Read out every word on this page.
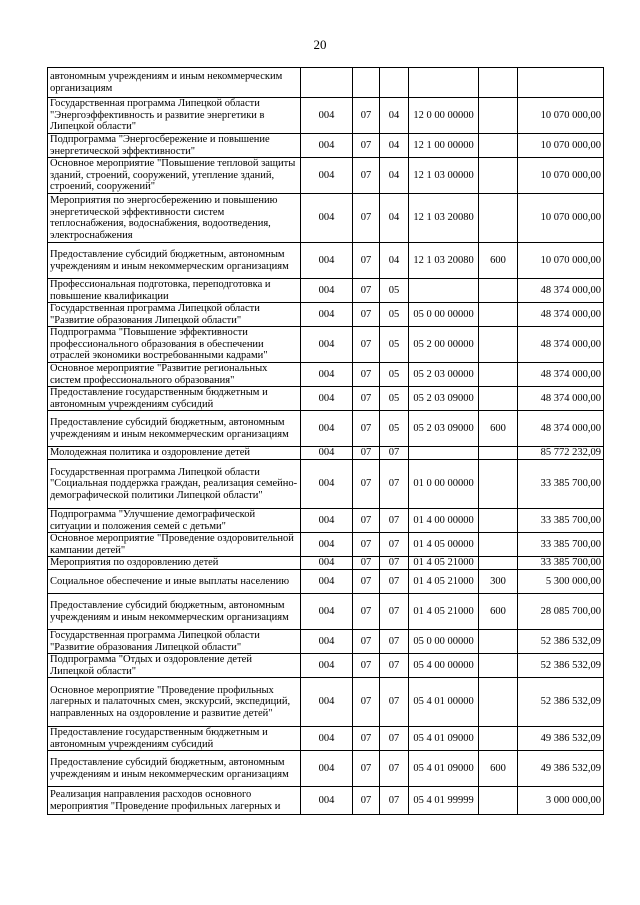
20
автономным учреждениям и иным некоммерческим организациям						
Государственная программа Липецкой области "Энергоэффективность и развитие энергетики в Липецкой области"	004	07	04	12 0 00 00000		10 070 000,00
Подпрограмма "Энергосбережение и повышение энергетической эффективности"	004	07	04	12 1 00 00000		10 070 000,00
Основное мероприятие "Повышение тепловой защиты зданий, строений, сооружений, утепление зданий, строений, сооружений"	004	07	04	12 1 03 00000		10 070 000,00
Мероприятия по энергосбережению и повышению энергетической эффективности систем теплоснабжения, водоснабжения, водоотведения, электроснабжения	004	07	04	12 1 03 20080		10 070 000,00
Предоставление субсидий бюджетным, автономным учреждениям и иным некоммерческим организациям	004	07	04	12 1 03 20080	600	10 070 000,00
Профессиональная подготовка, переподготовка и повышение квалификации	004	07	05			48 374 000,00
Государственная программа Липецкой области "Развитие образования Липецкой области"	004	07	05	05 0 00 00000		48 374 000,00
Подпрограмма "Повышение эффективности профессионального образования в обеспечении отраслей экономики востребованными кадрами"	004	07	05	05 2 00 00000		48 374 000,00
Основное мероприятие "Развитие региональных систем профессионального образования"	004	07	05	05 2 03 00000		48 374 000,00
Предоставление государственным бюджетным и автономным учреждениям субсидий	004	07	05	05 2 03 09000		48 374 000,00
Предоставление субсидий бюджетным, автономным учреждениям и иным некоммерческим организациям	004	07	05	05 2 03 09000	600	48 374 000,00
Молодежная политика и оздоровление детей	004	07	07			85 772 232,09
Государственная программа Липецкой области "Социальная поддержка граждан, реализация семейно-демографической политики Липецкой области"	004	07	07	01 0 00 00000		33 385 700,00
Подпрограмма "Улучшение демографической ситуации и положения семей с детьми"	004	07	07	01 4 00 00000		33 385 700,00
Основное мероприятие "Проведение оздоровительной кампании детей"	004	07	07	01 4 05 00000		33 385 700,00
Мероприятия по оздоровлению детей	004	07	07	01 4 05 21000		33 385 700,00
Социальное обеспечение и иные выплаты населению	004	07	07	01 4 05 21000	300	5 300 000,00
Предоставление субсидий бюджетным, автономным учреждениям и иным некоммерческим организациям	004	07	07	01 4 05 21000	600	28 085 700,00
Государственная программа Липецкой области "Развитие образования Липецкой области"	004	07	07	05 0 00 00000		52 386 532,09
Подпрограмма "Отдых и оздоровление детей Липецкой области"	004	07	07	05 4 00 00000		52 386 532,09
Основное мероприятие "Проведение профильных лагерных и палаточных смен, экскурсий, экспедиций, направленных на оздоровление и развитие детей"	004	07	07	05 4 01 00000		52 386 532,09
Предоставление государственным бюджетным и автономным учреждениям субсидий	004	07	07	05 4 01 09000		49 386 532,09
Предоставление субсидий бюджетным, автономным учреждениям и иным некоммерческим организациям	004	07	07	05 4 01 09000	600	49 386 532,09
Реализация направления расходов основного мероприятия "Проведение профильных лагерных и	004	07	07	05 4 01 99999		3 000 000,00
